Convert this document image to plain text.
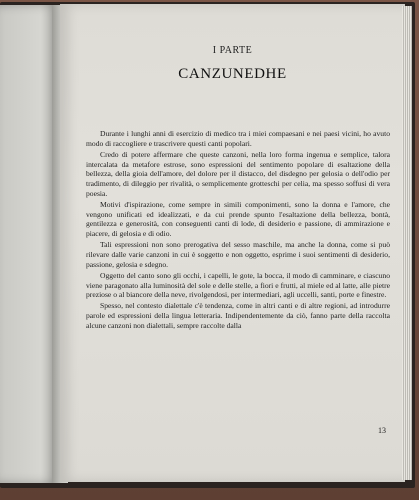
I PARTE
CANZUNEDHE

Durante i lunghi anni di esercizio di medico tra i miei compaesani e nei paesi vicini, ho avuto modo di raccogliere e trascrivere questi canti popolari.

Credo di potere affermare che queste canzoni, nella loro forma ingenua e semplice, talora intercalata da metafore estrose, sono espressioni del sentimento popolare di esaltazione della bellezza, della gioia dell'amore, del dolore per il distacco, del disdegno per gelosia o dell'odio per tradimento, di dileggio per rivalità, o semplicemente grotteschi per celia, ma spesso soffusi di vera poesia.

Motivi d'ispirazione, come sempre in simili componimenti, sono la donna e l'amore, che vengono unificati ed idealizzati, e da cui prende spunto l'esaltazione della bellezza, bontà, gentilezza e generosità, con conseguenti canti di lode, di desiderio e passione, di ammirazione e piacere, di gelosia e di odio.

Tali espressioni non sono prerogativa del sesso maschile, ma anche la donna, come si può rilevare dalle varie canzoni in cui è soggetto e non oggetto, esprime i suoi sentimenti di desiderio, passione, gelosia e sdegno.

Oggetto del canto sono gli occhi, i capelli, le gote, la bocca, il modo di camminare, e ciascuno viene paragonato alla luminosità del sole e delle stelle, a fiori e frutti, al miele ed al latte, alle pietre preziose o al biancore della neve, rivolgendosi, per intermediari, agli uccelli, santi, porte e finestre.

Spesso, nel contesto dialettale c'è tendenza, come in altri canti e di altre regioni, ad introdurre parole ed espressioni della lingua letteraria. Indipendentemente da ciò, fanno parte della raccolta alcune canzoni non dialettali, sempre raccolte dalla

13
